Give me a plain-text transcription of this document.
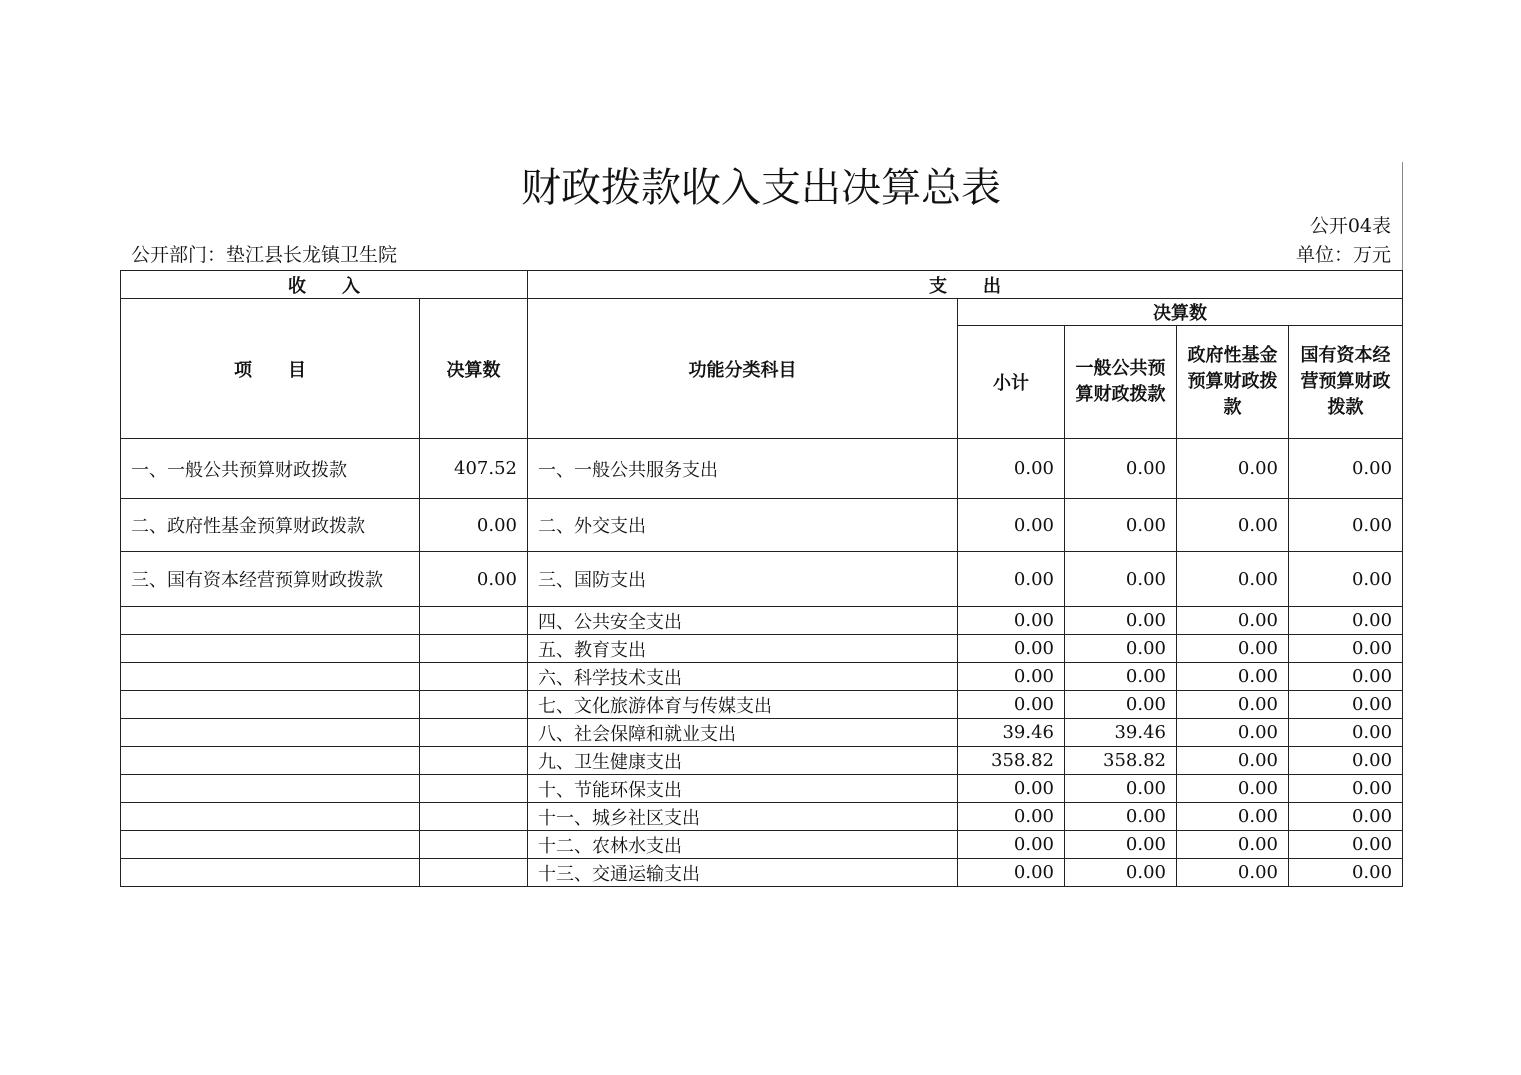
财政拨款收入支出决算总表
公开04表
公开部门：垫江县长龙镇卫生院	单位：万元
收　　入		支　　出				
项　　目	决算数	功能分类科目	决算数			
			小计	一般公共预算财政拨款	政府性基金预算财政拨款	国有资本经营预算财政拨款
一、一般公共预算财政拨款	407.52	一、一般公共服务支出	0.00	0.00	0.00	0.00
二、政府性基金预算财政拨款	0.00	二、外交支出	0.00	0.00	0.00	0.00
三、国有资本经营预算财政拨款	0.00	三、国防支出	0.00	0.00	0.00	0.00
		四、公共安全支出	0.00	0.00	0.00	0.00
		五、教育支出	0.00	0.00	0.00	0.00
		六、科学技术支出	0.00	0.00	0.00	0.00
		七、文化旅游体育与传媒支出	0.00	0.00	0.00	0.00
		八、社会保障和就业支出	39.46	39.46	0.00	0.00
		九、卫生健康支出	358.82	358.82	0.00	0.00
		十、节能环保支出	0.00	0.00	0.00	0.00
		十一、城乡社区支出	0.00	0.00	0.00	0.00
		十二、农林水支出	0.00	0.00	0.00	0.00
		十三、交通运输支出	0.00	0.00	0.00	0.00
